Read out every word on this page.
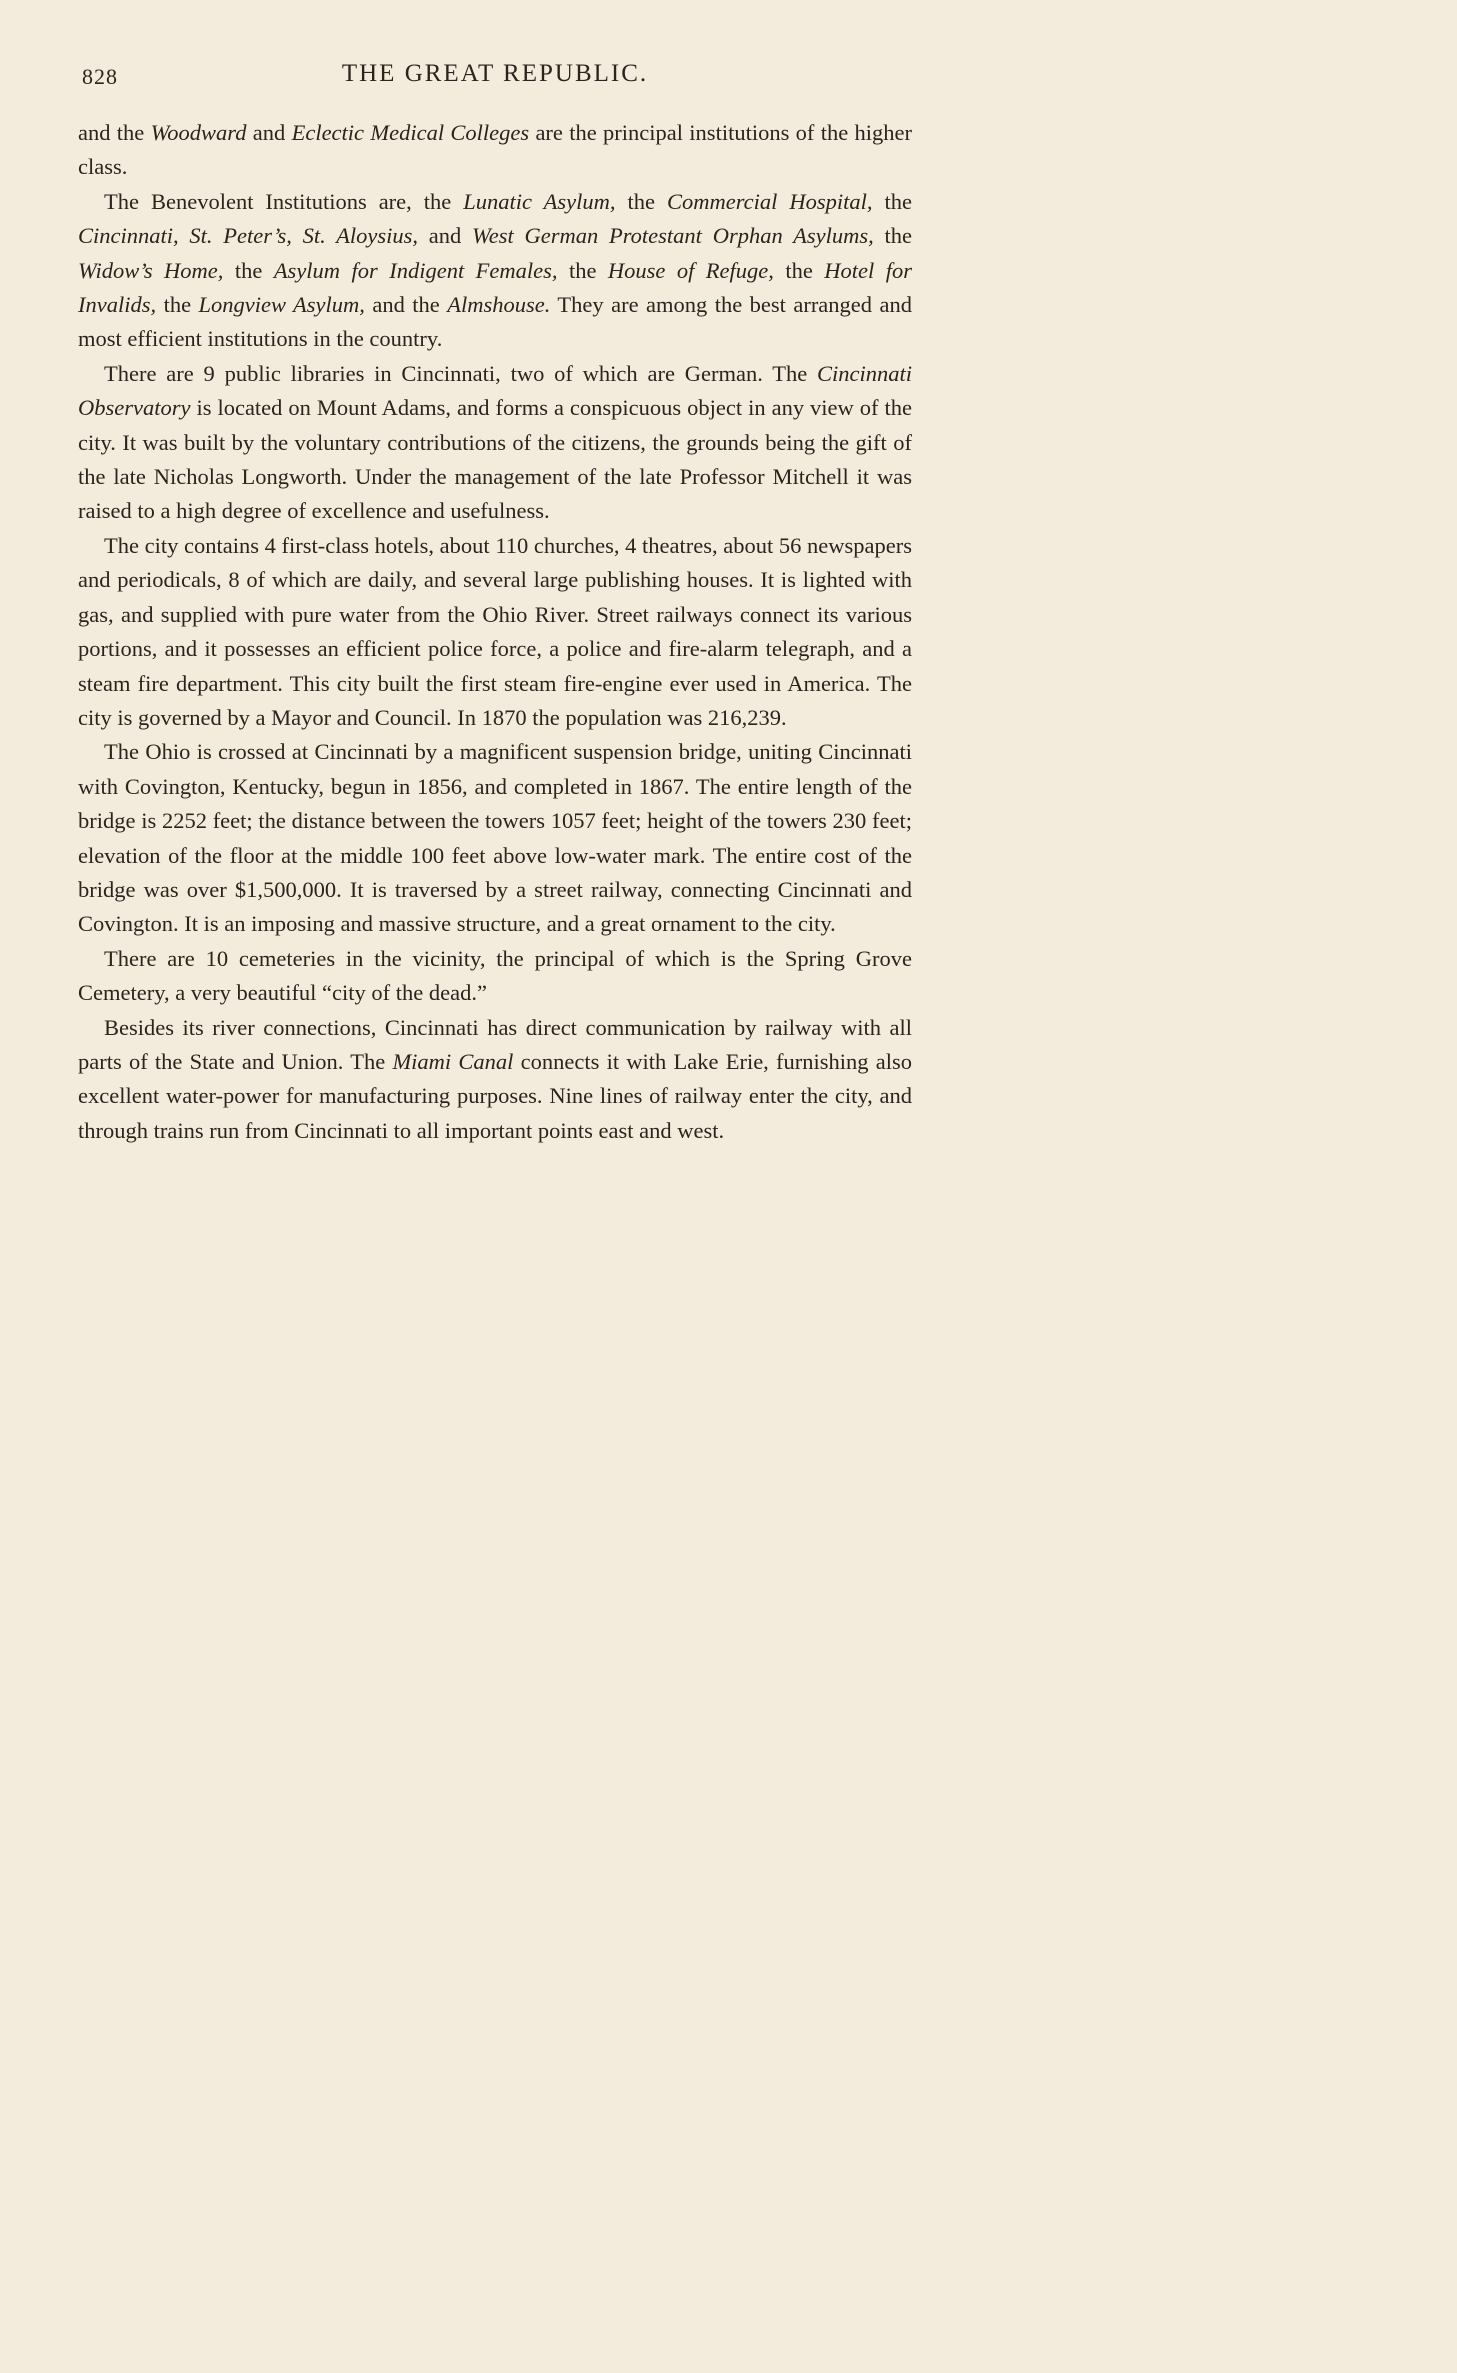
828	THE GREAT REPUBLIC.

and the Woodward and Eclectic Medical Colleges are the principal institutions of the higher class.

The Benevolent Institutions are, the Lunatic Asylum, the Commercial Hospital, the Cincinnati, St. Peter’s, St. Aloysius, and West German Protestant Orphan Asylums, the Widow’s Home, the Asylum for Indigent Females, the House of Refuge, the Hotel for Invalids, the Longview Asylum, and the Almshouse. They are among the best arranged and most efficient institutions in the country.

There are 9 public libraries in Cincinnati, two of which are German. The Cincinnati Observatory is located on Mount Adams, and forms a conspicuous object in any view of the city. It was built by the voluntary contributions of the citizens, the grounds being the gift of the late Nicholas Longworth. Under the management of the late Professor Mitchell it was raised to a high degree of excellence and usefulness.

The city contains 4 first-class hotels, about 110 churches, 4 theatres, about 56 newspapers and periodicals, 8 of which are daily, and several large publishing houses. It is lighted with gas, and supplied with pure water from the Ohio River. Street railways connect its various portions, and it possesses an efficient police force, a police and fire-alarm telegraph, and a steam fire department. This city built the first steam fire-engine ever used in America. The city is governed by a Mayor and Council. In 1870 the population was 216,239.

The Ohio is crossed at Cincinnati by a magnificent suspension bridge, uniting Cincinnati with Covington, Kentucky, begun in 1856, and completed in 1867. The entire length of the bridge is 2252 feet; the distance between the towers 1057 feet; height of the towers 230 feet; elevation of the floor at the middle 100 feet above low-water mark. The entire cost of the bridge was over $1,500,000. It is traversed by a street railway, connecting Cincinnati and Covington. It is an imposing and massive structure, and a great ornament to the city.

There are 10 cemeteries in the vicinity, the principal of which is the Spring Grove Cemetery, a very beautiful “city of the dead.”

Besides its river connections, Cincinnati has direct communication by railway with all parts of the State and Union. The Miami Canal connects it with Lake Erie, furnishing also excellent water-power for manufacturing purposes. Nine lines of railway enter the city, and through trains run from Cincinnati to all important points east and west.
